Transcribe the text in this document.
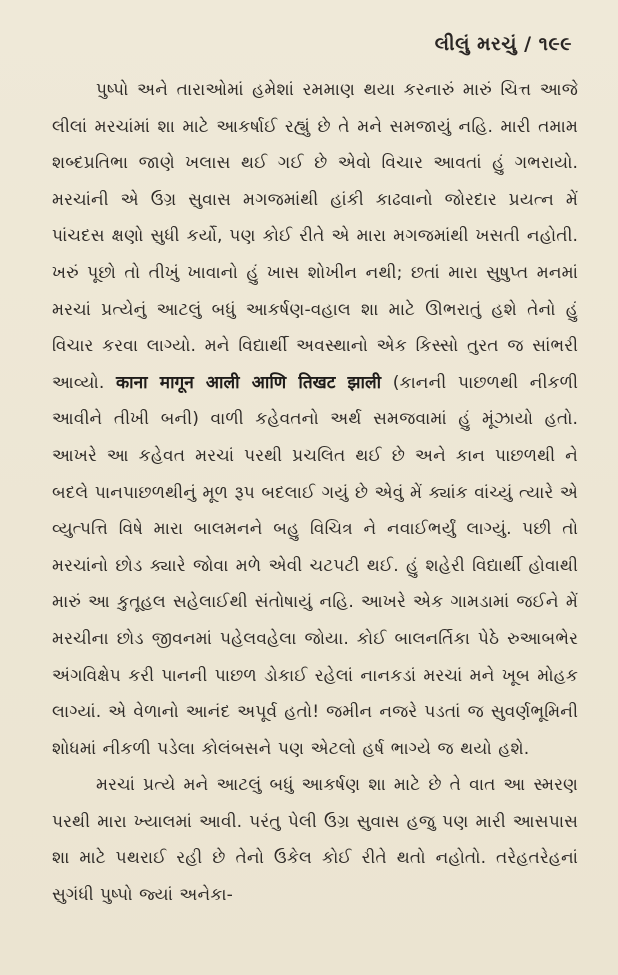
લીલું મરચું / ૧૯૯

પુષ્પો અને તારાઓમાં હમેશાં રમમાણ થયા કરનારું મારું ચિત્ત આજે લીલાં મરચાંમાં શા માટે આકર્ષાઈ રહ્યું છે તે મને સમજાયું નહિ. મારી તમામ શબ્દપ્રતિભા જાણે ખલાસ થઈ ગઈ છે એવો વિચાર આવતાં હું ગભરાયો. મરચાંની એ ઉગ્ર સુવાસ મગજમાંથી હાંકી કાઢવાનો જોરદાર પ્રયત્ન મેં પાંચદસ ક્ષણો સુધી કર્યો, પણ કોઈ રીતે એ મારા મગજમાંથી ખસતી નહોતી. ખરું પૂછો તો તીખું ખાવાનો હું ખાસ શોખીન નથી; છતાં મારા સુષુપ્ત મનમાં મરચાં પ્રત્યેનું આટલું બધું આકર્ષણ-વહાલ શા માટે ઊભરાતું હશે તેનો હું વિચાર કરવા લાગ્યો. મને વિદ્યાર્થી અવસ્થાનો એક કિસ્સો તુરત જ સાંભરી આવ્યો. काना मागून आली आणि तिखट झाली (કાનની પાછળથી નીકળી આવીને તીખી બની) વાળી કહેવતનો અર્થ સમજવામાં હું મૂંઝાયો હતો. આખરે આ કહેવત મરચાં પરથી પ્રચલિત થઈ છે અને કાન પાછળથી ને બદલે પાનપાછળથીનું મૂળ રૂપ બદલાઈ ગયું છે એવું મેં ક્યાંક વાંચ્યું ત્યારે એ વ્યુત્પત્તિ વિષે મારા બાલમનને બહુ વિચિત્ર ને નવાઈભર્યું લાગ્યું. પછી તો મરચાંનો છોડ ક્યારે જોવા મળે એવી ચટપટી થઈ. હું શહેરી વિદ્યાર્થી હોવાથી મારું આ કુતૂહલ સહેલાઈથી સંતોષાયું નહિ. આખરે એક ગામડામાં જઈને મેં મરચીના છોડ જીવનમાં પહેલવહેલા જોયા. કોઈ બાલનર્તિકા પેઠે રુઆબભેર અંગવિક્ષેપ કરી પાનની પાછળ ડોકાઈ રહેલાં નાનકડાં મરચાં મને ખૂબ મોહક લાગ્યાં. એ વેળાનો આનંદ અપૂર્વ હતો! જમીન નજરે પડતાં જ સુવર્ણભૂમિની શોધમાં નીકળી પડેલા કોલંબસને પણ એટલો હર્ષ ભાગ્યે જ થયો હશે.

મરચાં પ્રત્યે મને આટલું બધું આકર્ષણ શા માટે છે તે વાત આ સ્મરણ પરથી મારા ખ્યાલમાં આવી. પરંતુ પેલી ઉગ્ર સુવાસ હજુ પણ મારી આસપાસ શા માટે પથરાઈ રહી છે તેનો ઉકેલ કોઈ રીતે થતો નહોતો. તરેહતરેહનાં સુગંધી પુષ્પો જ્યાં અનેકા-
